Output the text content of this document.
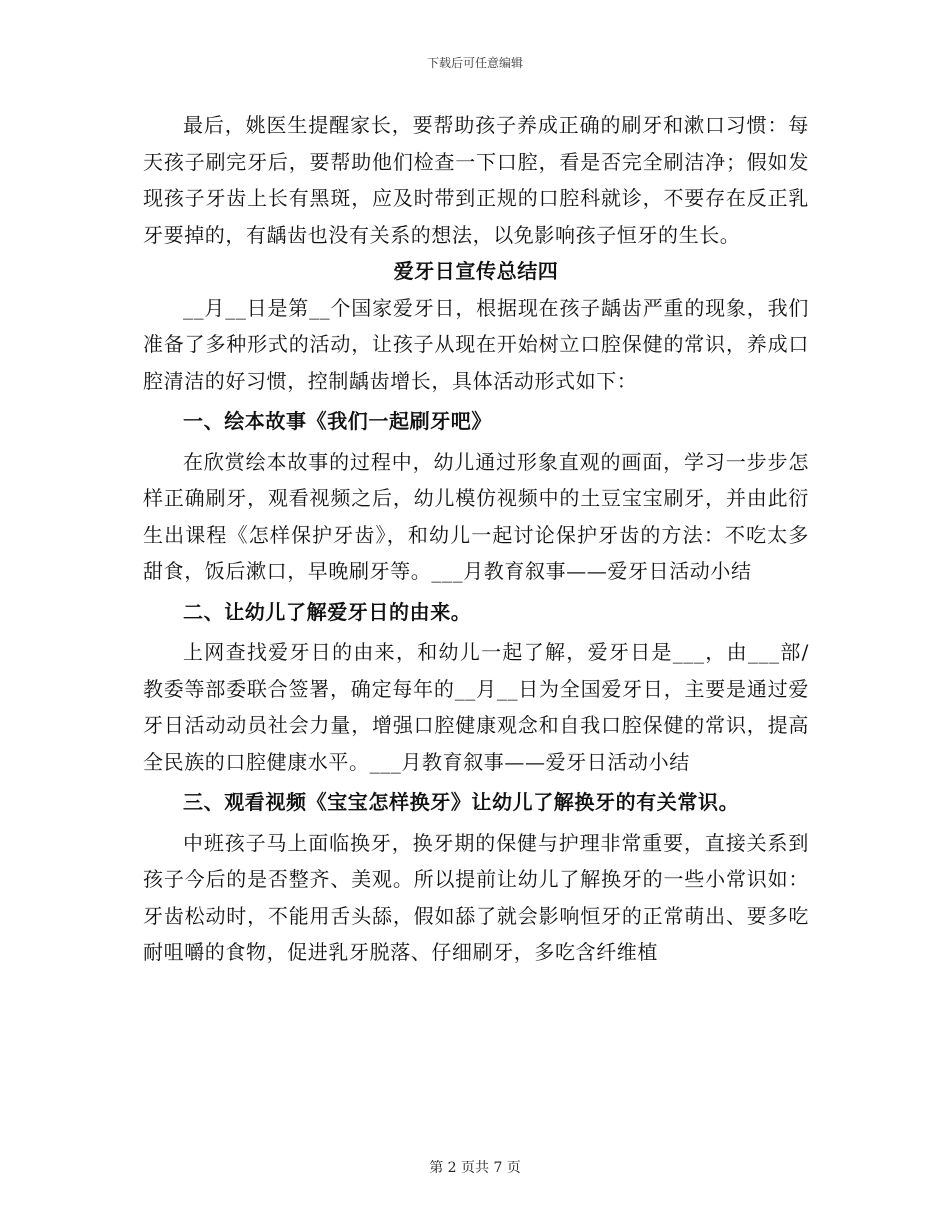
下载后可任意编辑

最后，姚医生提醒家长，要帮助孩子养成正确的刷牙和漱口习惯：每天孩子刷完牙后，要帮助他们检查一下口腔，看是否完全刷洁净；假如发现孩子牙齿上长有黑斑，应及时带到正规的口腔科就诊，不要存在反正乳牙要掉的，有龋齿也没有关系的想法，以免影响孩子恒牙的生长。

爱牙日宣传总结四

__月__日是第__个国家爱牙日，根据现在孩子龋齿严重的现象，我们准备了多种形式的活动，让孩子从现在开始树立口腔保健的常识，养成口腔清洁的好习惯，控制龋齿增长，具体活动形式如下：

一、绘本故事《我们一起刷牙吧》

在欣赏绘本故事的过程中，幼儿通过形象直观的画面，学习一步步怎样正确刷牙，观看视频之后，幼儿模仿视频中的土豆宝宝刷牙，并由此衍生出课程《怎样保护牙齿》，和幼儿一起讨论保护牙齿的方法：不吃太多甜食，饭后漱口，早晚刷牙等。___月教育叙事——爱牙日活动小结

二、让幼儿了解爱牙日的由来。

上网查找爱牙日的由来，和幼儿一起了解，爱牙日是___，由___部/教委等部委联合签署，确定每年的__月__日为全国爱牙日，主要是通过爱牙日活动动员社会力量，增强口腔健康观念和自我口腔保健的常识，提高全民族的口腔健康水平。___月教育叙事——爱牙日活动小结

三、观看视频《宝宝怎样换牙》让幼儿了解换牙的有关常识。

中班孩子马上面临换牙，换牙期的保健与护理非常重要，直接关系到孩子今后的是否整齐、美观。所以提前让幼儿了解换牙的一些小常识如：牙齿松动时，不能用舌头舔，假如舔了就会影响恒牙的正常萌出、要多吃耐咀嚼的食物，促进乳牙脱落、仔细刷牙，多吃含纤维植

第 2 页共 7 页
